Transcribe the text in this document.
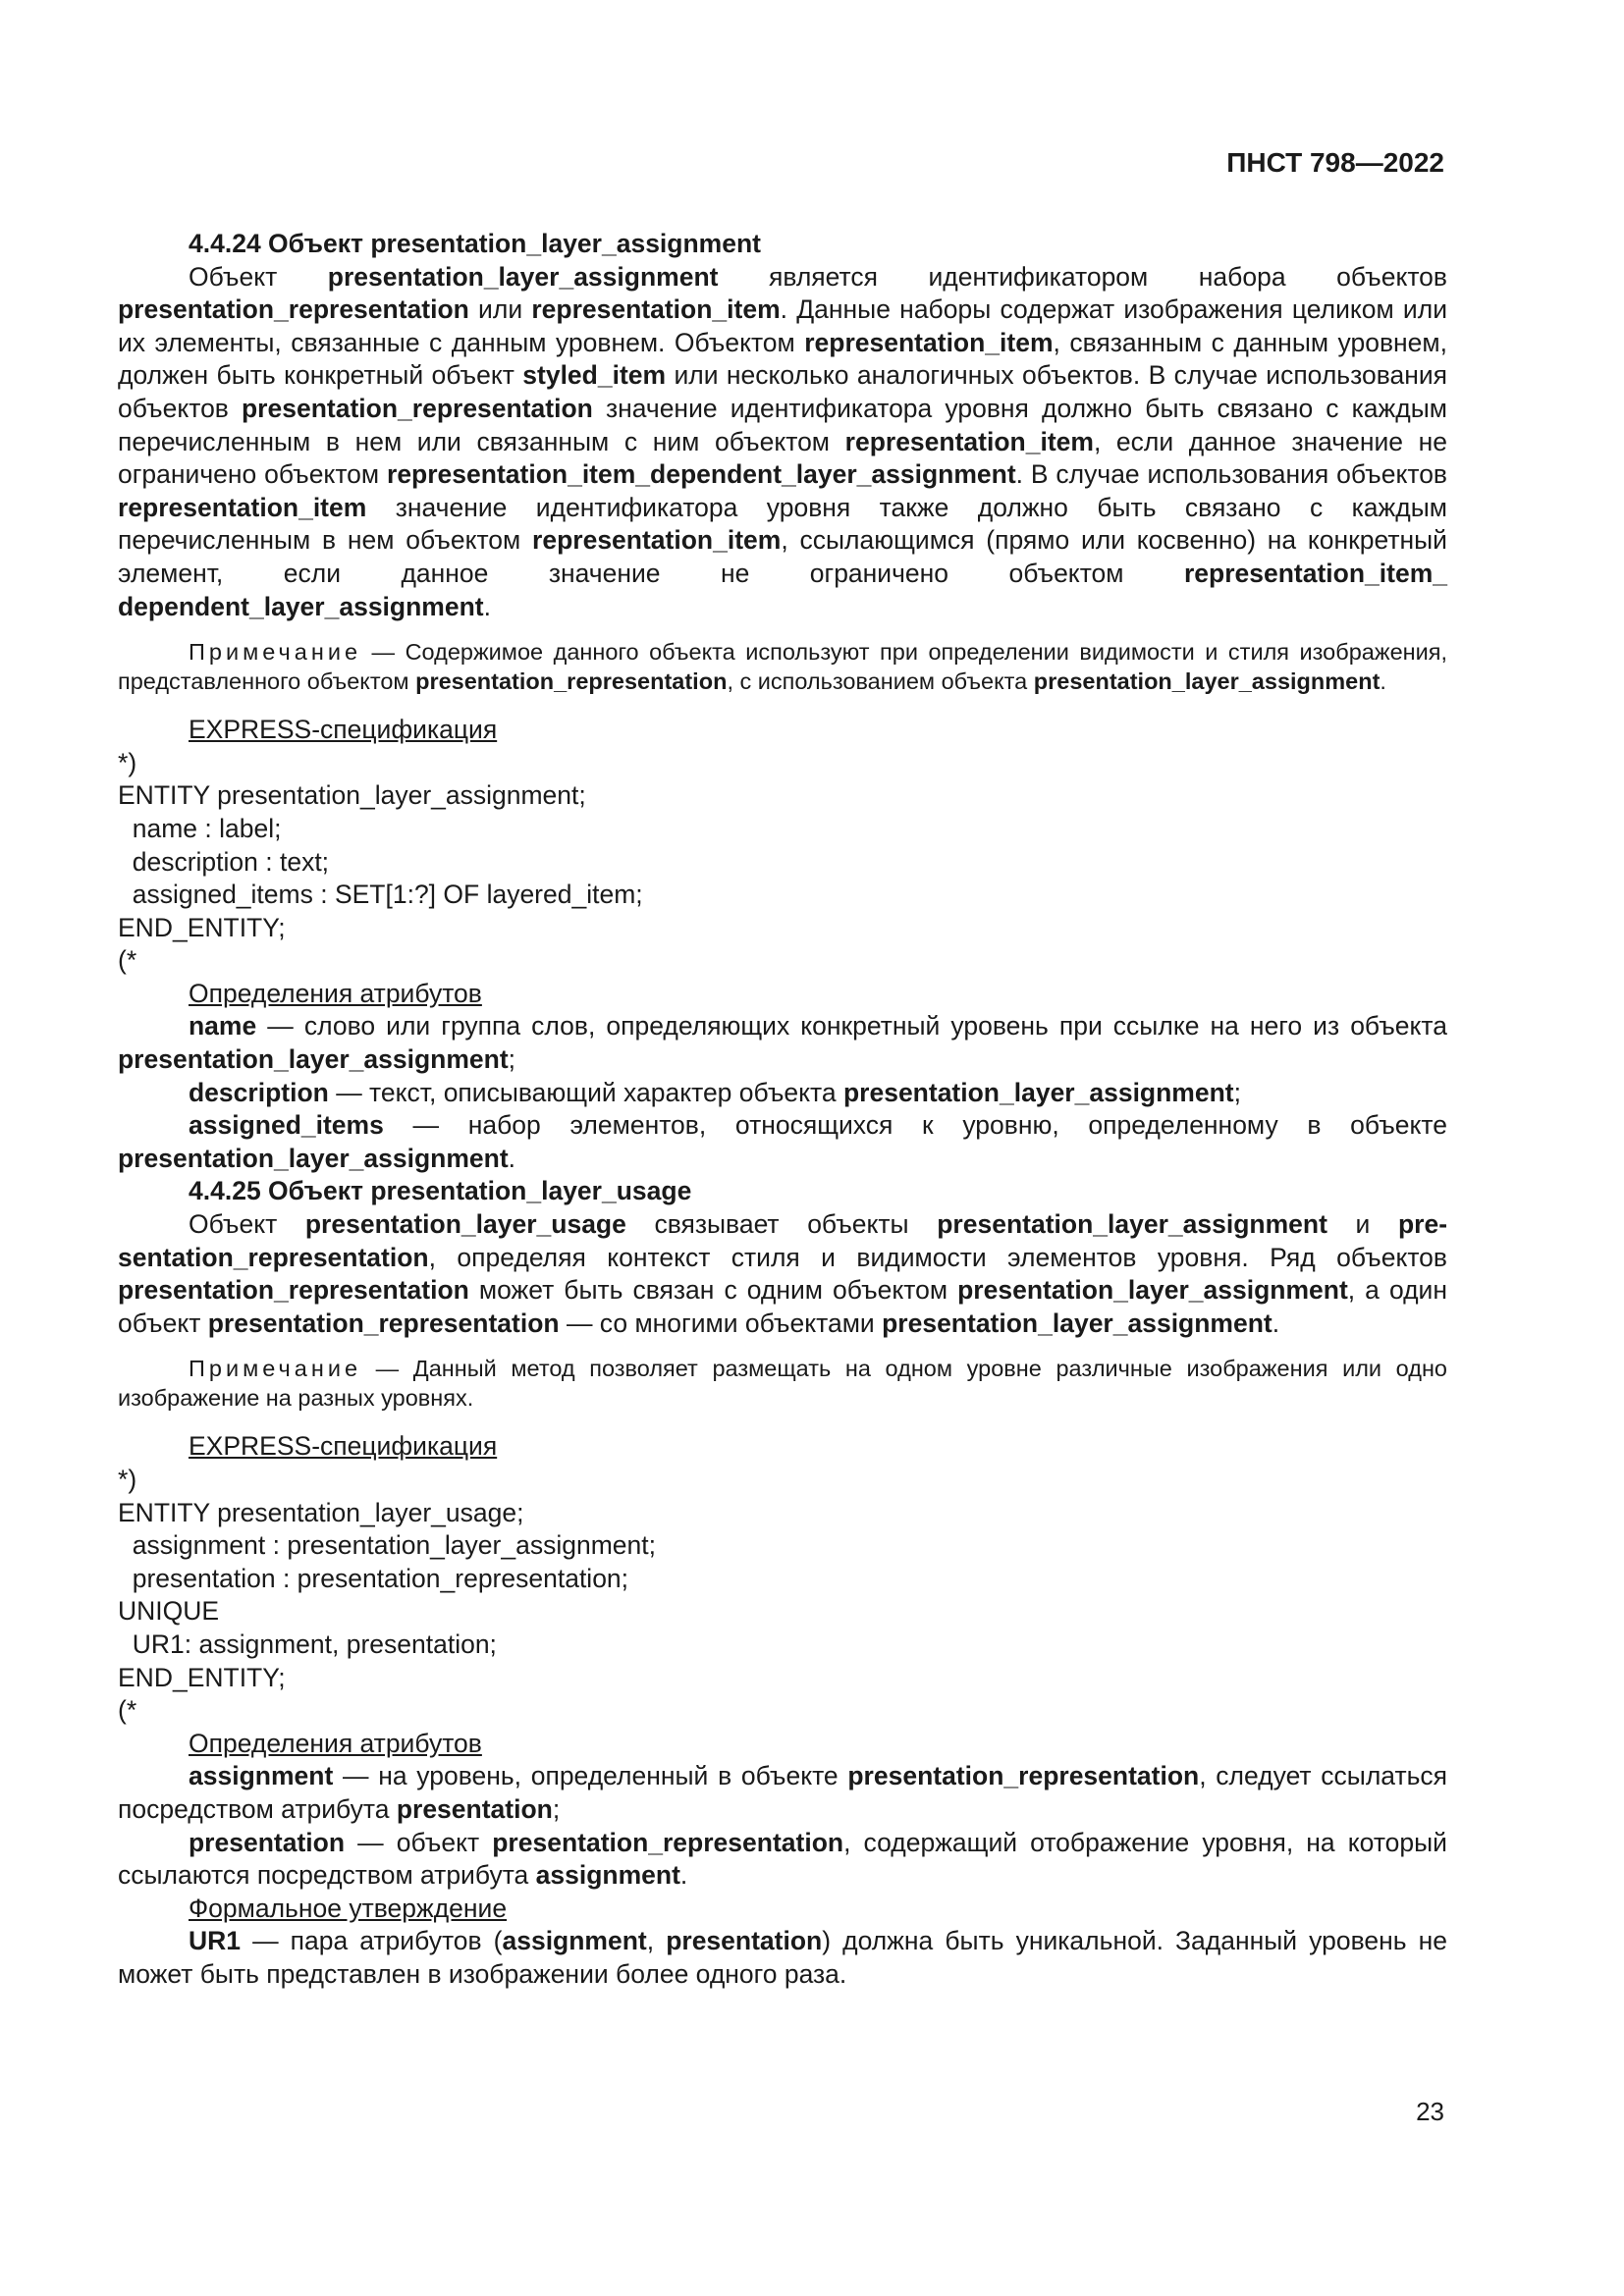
ПНСТ 798—2022

4.4.24 Объект presentation_layer_assignment

Объект presentation_layer_assignment является идентификатором набора объектов presentation_representation или representation_item. Данные наборы содержат изображения целиком или их элементы, связанные с данным уровнем. Объектом representation_item, связанным с данным уровнем, должен быть конкретный объект styled_item или несколько аналогичных объектов. В случае использования объектов presentation_representation значение идентификатора уровня должно быть связано с каждым перечисленным в нем или связанным с ним объектом representation_item, если данное значение не ограничено объектом representation_item_dependent_layer_assignment. В случае использования объектов representation_item значение идентификатора уровня также должно быть связано с каждым перечисленным в нем объектом representation_item, ссылающимся (прямо или косвенно) на конкретный элемент, если данное значение не ограничено объектом representation_item_ dependent_layer_assignment.

Примечание — Содержимое данного объекта используют при определении видимости и стиля изображения, представленного объектом presentation_representation, с использованием объекта presentation_layer_assignment.

EXPRESS-спецификация

*)
ENTITY presentation_layer_assignment;
name : label;
description : text;
assigned_items : SET[1:?] OF layered_item;
END_ENTITY;
(*

Определения атрибутов

name — слово или группа слов, определяющих конкретный уровень при ссылке на него из объекта presentation_layer_assignment;

description — текст, описывающий характер объекта presentation_layer_assignment;

assigned_items — набор элементов, относящихся к уровню, определенному в объекте presentation_layer_assignment.

4.4.25 Объект presentation_layer_usage

Объект presentation_layer_usage связывает объекты presentation_layer_assignment и presentation_representation, определяя контекст стиля и видимости элементов уровня. Ряд объектов presentation_representation может быть связан с одним объектом presentation_layer_assignment, а один объект presentation_representation — со многими объектами presentation_layer_assignment.

Примечание — Данный метод позволяет размещать на одном уровне различные изображения или одно изображение на разных уровнях.

EXPRESS-спецификация

*)
ENTITY presentation_layer_usage;
assignment : presentation_layer_assignment;
presentation : presentation_representation;
UNIQUE
UR1: assignment, presentation;
END_ENTITY;
(*

Определения атрибутов

assignment — на уровень, определенный в объекте presentation_representation, следует ссылаться посредством атрибута presentation;

presentation — объект presentation_representation, содержащий отображение уровня, на который ссылаются посредством атрибута assignment.

Формальное утверждение

UR1 — пара атрибутов (assignment, presentation) должна быть уникальной. Заданный уровень не может быть представлен в изображении более одного раза.

23
